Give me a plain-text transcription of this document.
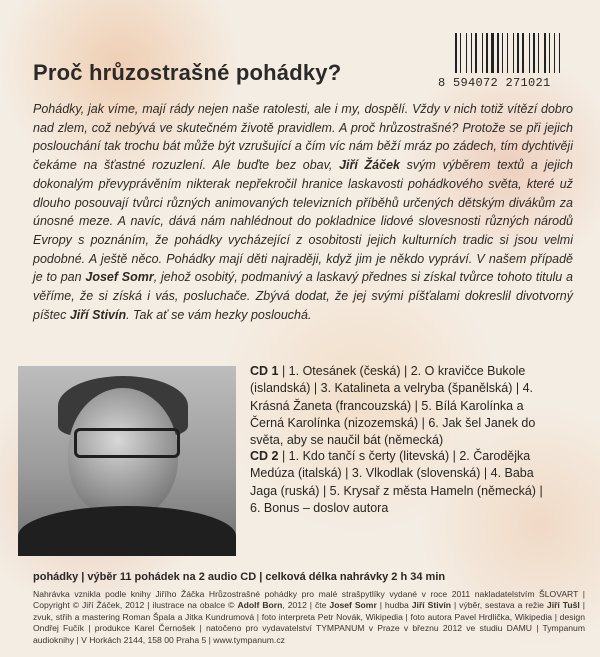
Proč hrůzostrašné pohádky?	8 594072 271021
Pohádky, jak víme, mají rády nejen naše ratolesti, ale i my, dospělí. Vždy v nich totiž vítězí dobro nad zlem, což nebývá ve skutečném životě pravidlem. A proč hrůzostrašné? Protože se při jejich poslouchání tak trochu bát může být vzrušující a čím víc nám běží mráz po zádech, tím dychtivěji čekáme na šťastné rozuzlení. Ale buďte bez obav, Jiří Žáček svým výběrem textů a jejich dokonalým převyprávěním nikterak nepřekročil hranice laskavosti pohádkového světa, které už dlouho posouvají tvůrci různých animovaných televizních příběhů určených dětským divákům za únosné meze. A navíc, dává nám nahlédnout do pokladnice lidové slovesnosti různých národů Evropy s poznáním, že pohádky vycházející z osobitosti jejich kulturních tradic si jsou velmi podobné. A ještě něco. Pohádky mají děti najraději, když jim je někdo vypráví. V našem případě je to pan Josef Somr, jehož osobitý, podmanivý a laskavý přednes si získal tvůrce tohoto titulu a věříme, že si získá i vás, posluchače. Zbývá dodat, že jej svými píšťalami dokreslil divotvorný píštec Jiří Stivín. Tak ať se vám hezky poslouchá.
CD 1 | 1. Otesánek (česká) | 2. O kravičce Bukole (islandská) | 3. Katalineta a velryba (španělská) | 4. Krásná Žaneta (francouzská) | 5. Bílá Karolínka a Černá Karolínka (nizozemská) | 6. Jak šel Janek do světa, aby se naučil bát (německá)
CD 2 | 1. Kdo tančí s čerty (litevská) | 2. Čarodějka Medúza (italská) | 3. Vlkodlak (slovenská) | 4. Baba Jaga (ruská) | 5. Krysař z města Hameln (německá) | 6. Bonus – doslov autora
pohádky | výběr 11 pohádek na 2 audio CD | celková délka nahrávky 2 h 34 min
Nahrávka vznikla podle knihy Jiřího Žáčka Hrůzostrašné pohádky pro malé strašpytlíky vydané v roce 2011 nakladatelstvím ŠLOVART | Copyright © Jiří Žáček, 2012 | ilustrace na obalce © Adolf Born, 2012 | čte Josef Somr | hudba Jiří Stivín | výběr, sestava a režie Jiří Tušl | zvuk, střih a mastering Roman Špala a Jitka Kundrumová | foto interpreta Petr Novák, Wikipedia | foto autora Pavel Hrdlička, Wikipedia | design Ondřej Fučík | produkce Karel Černošek | natočeno pro vydavatelství TYMPANUM v Praze v březnu 2012 ve studiu DAMU | Tympanum audioknihy | V Horkách 2144, 158 00 Praha 5 | www.tympanum.cz
